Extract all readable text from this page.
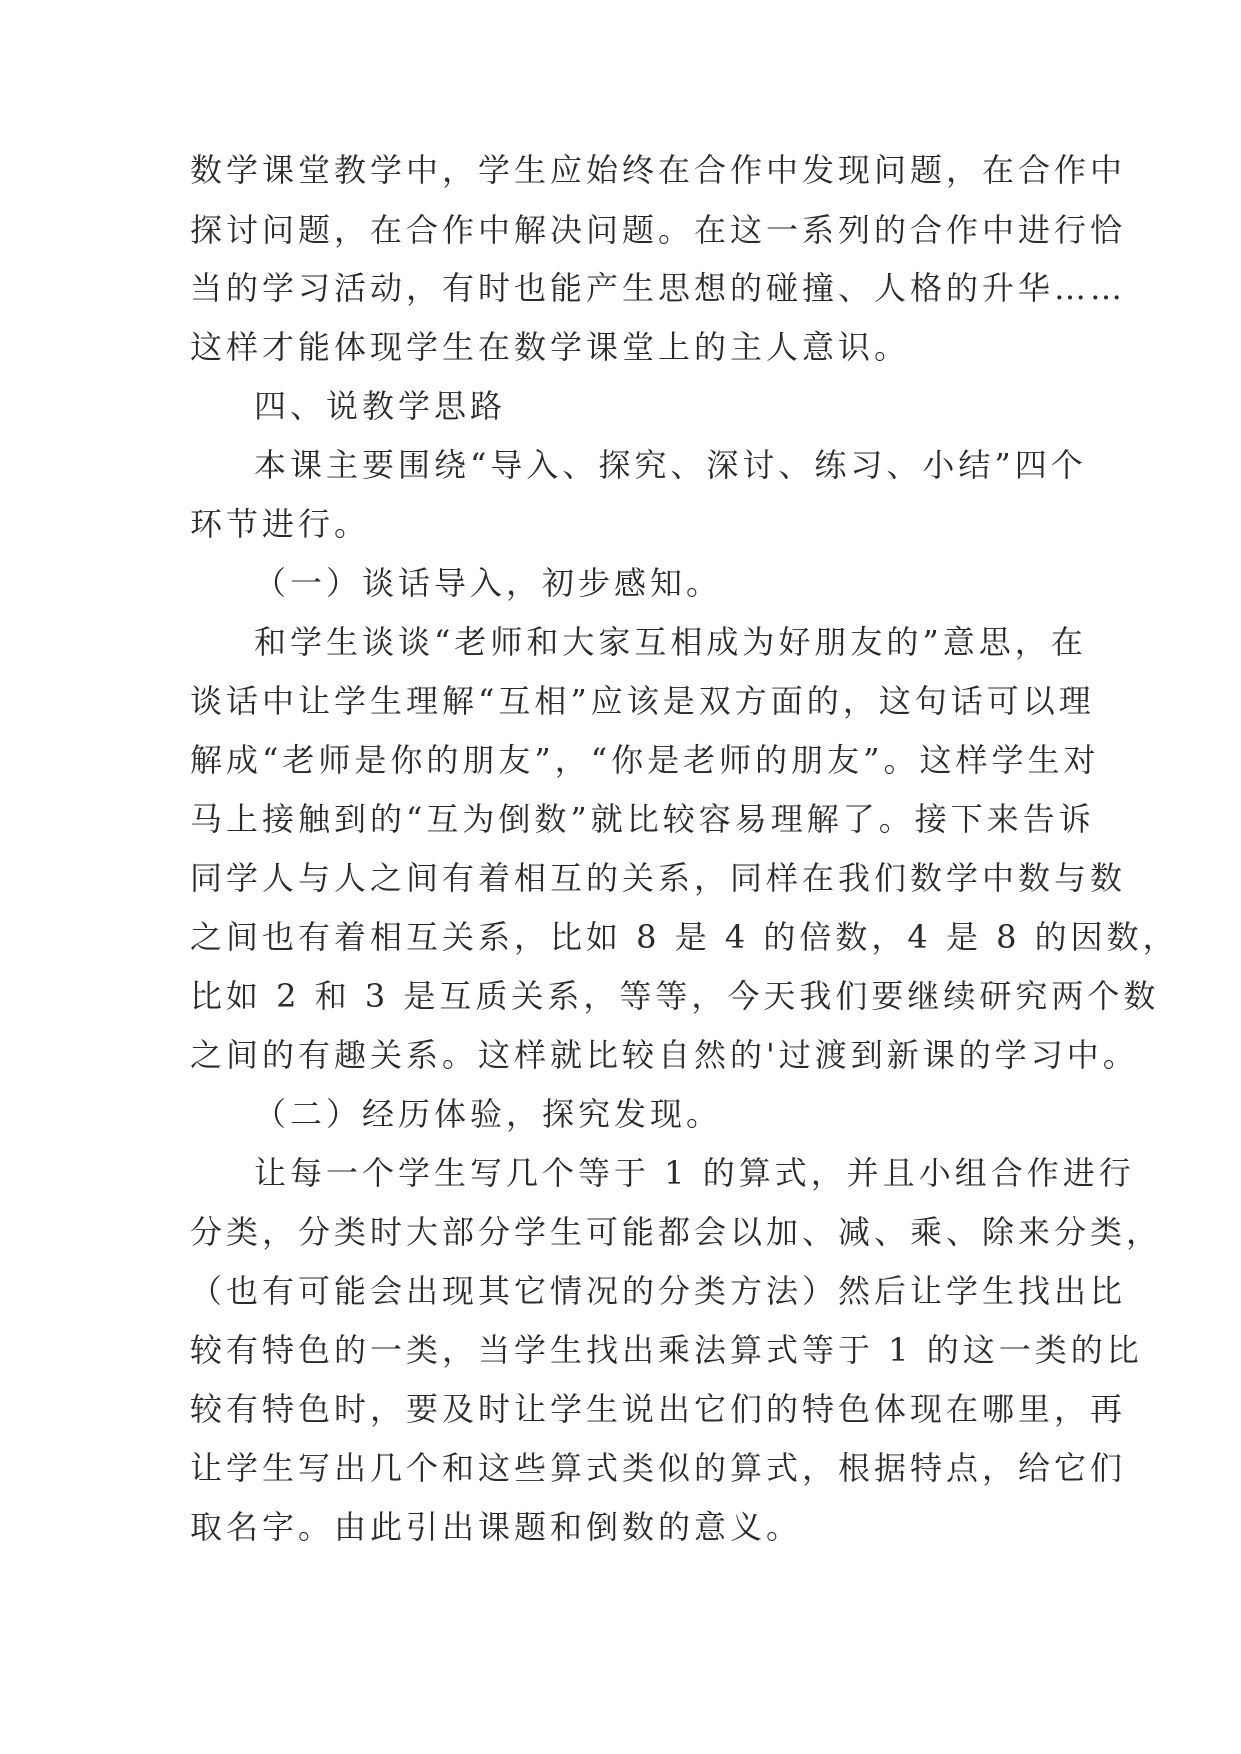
数学课堂教学中，学生应始终在合作中发现问题，在合作中

探讨问题，在合作中解决问题。在这一系列的合作中进行恰

当的学习活动，有时也能产生思想的碰撞、人格的升华……

这样才能体现学生在数学课堂上的主人意识。

四、说教学思路

本课主要围绕“导入、探究、深讨、练习、小结”四个

环节进行。

（一）谈话导入，初步感知。

和学生谈谈“老师和大家互相成为好朋友的”意思，在

谈话中让学生理解“互相”应该是双方面的，这句话可以理

解成“老师是你的朋友”，“你是老师的朋友”。这样学生对

马上接触到的“互为倒数”就比较容易理解了。接下来告诉

同学人与人之间有着相互的关系，同样在我们数学中数与数

之间也有着相互关系，比如 8 是 4 的倍数，4 是 8 的因数，

比如 2 和 3 是互质关系，等等，今天我们要继续研究两个数

之间的有趣关系。这样就比较自然的'过渡到新课的学习中。

（二）经历体验，探究发现。

让每一个学生写几个等于 1 的算式，并且小组合作进行

分类，分类时大部分学生可能都会以加、减、乘、除来分类，

（也有可能会出现其它情况的分类方法）然后让学生找出比

较有特色的一类，当学生找出乘法算式等于 1 的这一类的比

较有特色时，要及时让学生说出它们的特色体现在哪里，再

让学生写出几个和这些算式类似的算式，根据特点，给它们

取名字。由此引出课题和倒数的意义。
